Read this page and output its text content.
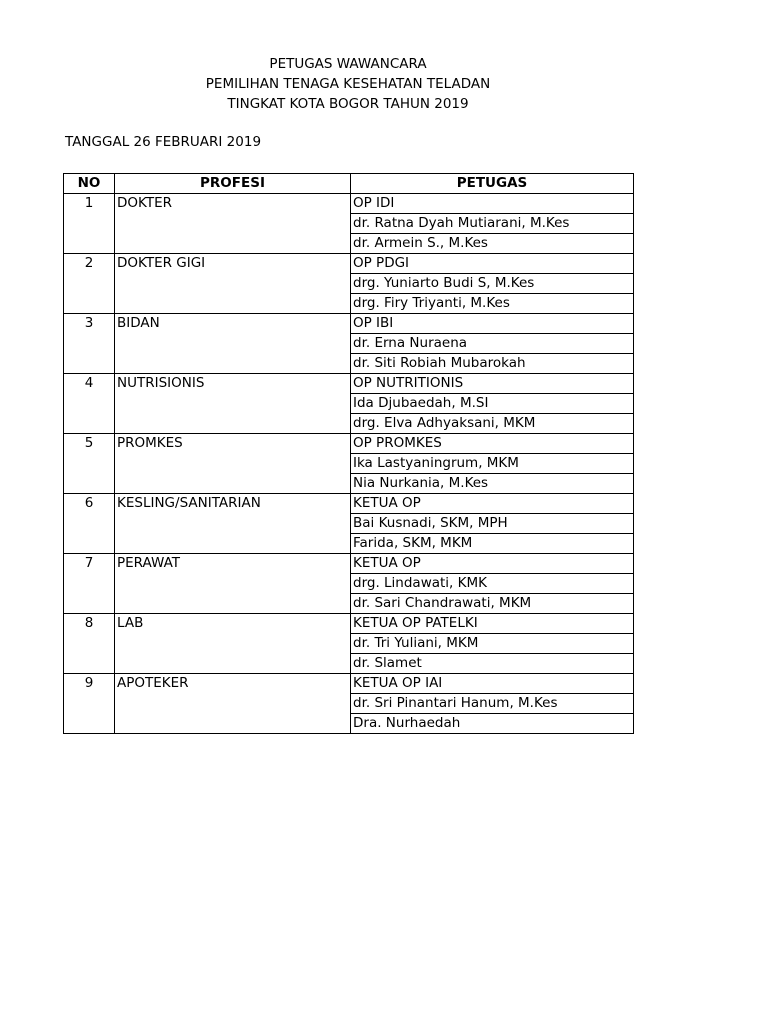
PETUGAS WAWANCARA
PEMILIHAN TENAGA KESEHATAN TELADAN
TINGKAT KOTA BOGOR TAHUN 2019
TANGGAL 26 FEBRUARI 2019
NO	PROFESI	PETUGAS
1	DOKTER	OP IDI
		dr. Ratna Dyah Mutiarani, M.Kes
		dr. Armein S., M.Kes
2	DOKTER GIGI	OP PDGI
		drg. Yuniarto Budi S, M.Kes
		drg. Firy Triyanti, M.Kes
3	BIDAN	OP IBI
		dr. Erna Nuraena
		dr. Siti Robiah Mubarokah
4	NUTRISIONIS	OP NUTRITIONIS
		Ida Djubaedah, M.SI
		drg. Elva Adhyaksani, MKM
5	PROMKES	OP PROMKES
		Ika Lastyaningrum, MKM
		Nia Nurkania, M.Kes
6	KESLING/SANITARIAN	KETUA OP
		Bai Kusnadi, SKM, MPH
		Farida, SKM, MKM
7	PERAWAT	KETUA OP
		drg. Lindawati, KMK
		dr. Sari Chandrawati, MKM
8	LAB	KETUA OP PATELKI
		dr. Tri Yuliani, MKM
		dr. Slamet
9	APOTEKER	KETUA OP IAI
		dr. Sri Pinantari Hanum, M.Kes
		Dra. Nurhaedah
